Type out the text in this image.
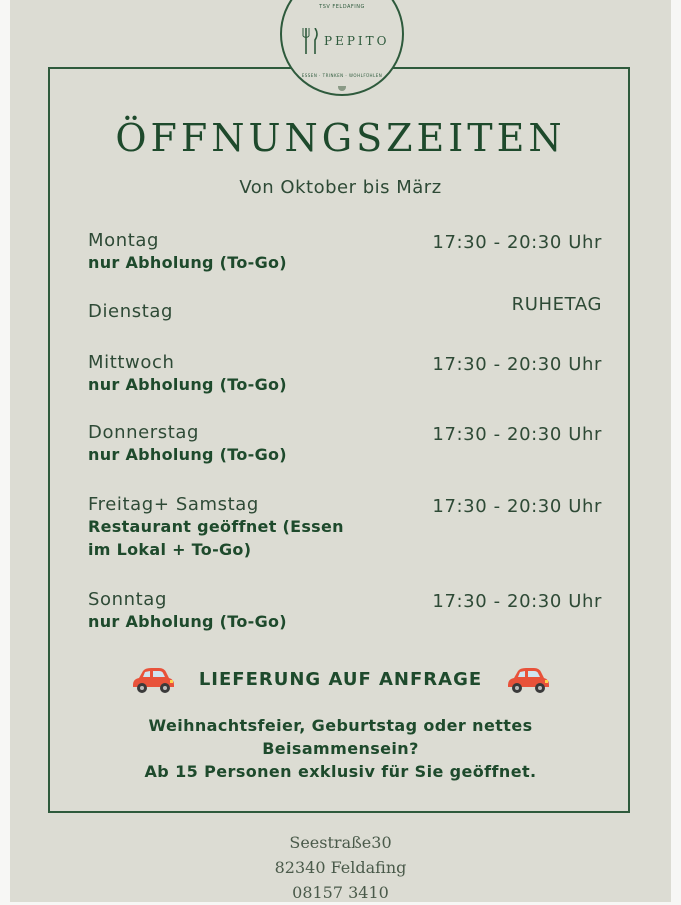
TSV FELDAFING
PEPITO
ESSEN · TRINKEN · WOHLFÜHLEN
ÖFFNUNGSZEITEN
Von Oktober bis März
Montag
nur Abholung (To-Go)
17:30 - 20:30 Uhr
Dienstag	RUHETAG
Mittwoch
nur Abholung (To-Go)
17:30 - 20:30 Uhr
Donnerstag
nur Abholung (To-Go)
17:30 - 20:30 Uhr
Freitag+ Samstag
Restaurant geöffnet (Essen
im Lokal + To-Go)
17:30 - 20:30 Uhr
Sonntag
nur Abholung (To-Go)
17:30 - 20:30 Uhr
LIEFERUNG AUF ANFRAGE
Weihnachtsfeier, Geburtstag oder nettes
Beisammensein?
Ab 15 Personen exklusiv für Sie geöffnet.
Seestraße30
82340 Feldafing
08157 3410
